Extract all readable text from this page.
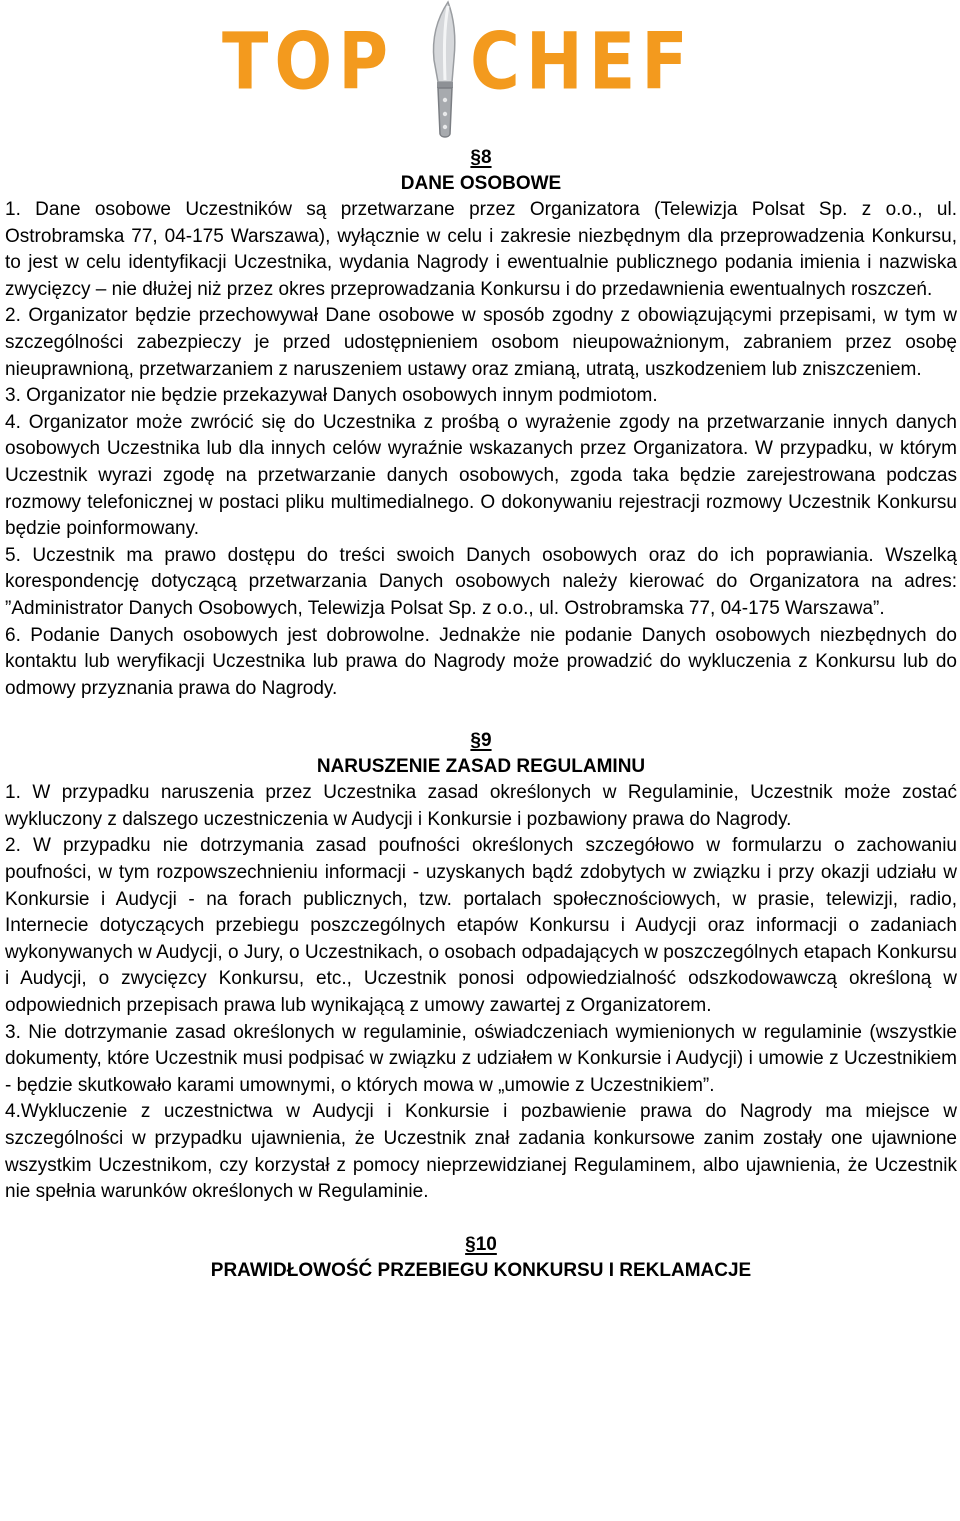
TOP CHEF
§8
DANE OSOBOWE
1. Dane osobowe Uczestników są przetwarzane przez Organizatora (Telewizja Polsat Sp. z o.o., ul. Ostrobramska 77, 04-175 Warszawa), wyłącznie w celu i zakresie niezbędnym dla przeprowadzenia Konkursu, to jest w celu identyfikacji Uczestnika, wydania Nagrody i ewentualnie publicznego podania imienia i nazwiska zwycięzcy – nie dłużej niż przez okres przeprowadzania Konkursu i do przedawnienia ewentualnych roszczeń.
2. Organizator będzie przechowywał Dane osobowe w sposób zgodny z obowiązującymi przepisami, w tym w szczególności zabezpieczy je przed udostępnieniem osobom nieupoważnionym, zabraniem przez osobę nieuprawnioną, przetwarzaniem z naruszeniem ustawy oraz zmianą, utratą, uszkodzeniem lub zniszczeniem.
3. Organizator nie będzie przekazywał Danych osobowych innym podmiotom.
4. Organizator może zwrócić się do Uczestnika z prośbą o wyrażenie zgody na przetwarzanie innych danych osobowych Uczestnika lub dla innych celów wyraźnie wskazanych przez Organizatora. W przypadku, w którym Uczestnik wyrazi zgodę na przetwarzanie danych osobowych, zgoda taka będzie zarejestrowana podczas rozmowy telefonicznej w postaci pliku multimedialnego. O dokonywaniu rejestracji rozmowy Uczestnik Konkursu będzie poinformowany.
5. Uczestnik ma prawo dostępu do treści swoich Danych osobowych oraz do ich poprawiania. Wszelką korespondencję dotyczącą przetwarzania Danych osobowych należy kierować do Organizatora na adres: ”Administrator Danych Osobowych, Telewizja Polsat Sp. z o.o., ul. Ostrobramska 77, 04-175 Warszawa”.
6. Podanie Danych osobowych jest dobrowolne. Jednakże nie podanie Danych osobowych niezbędnych do kontaktu lub weryfikacji Uczestnika lub prawa do Nagrody może prowadzić do wykluczenia z Konkursu lub do odmowy przyznania prawa do Nagrody.
§9
NARUSZENIE ZASAD REGULAMINU
1. W przypadku naruszenia przez Uczestnika zasad określonych w Regulaminie, Uczestnik może zostać wykluczony z dalszego uczestniczenia w Audycji i Konkursie i pozbawiony prawa do Nagrody.
2. W przypadku nie dotrzymania zasad poufności określonych szczegółowo w formularzu o zachowaniu poufności, w tym rozpowszechnieniu informacji - uzyskanych bądź zdobytych w związku i przy okazji udziału w Konkursie i Audycji - na forach publicznych, tzw. portalach społecznościowych, w prasie, telewizji, radio, Internecie dotyczących przebiegu poszczególnych etapów Konkursu i Audycji oraz informacji o zadaniach wykonywanych w Audycji, o Jury, o Uczestnikach, o osobach odpadających w poszczególnych etapach Konkursu i Audycji, o zwycięzcy Konkursu, etc., Uczestnik ponosi odpowiedzialność odszkodowawczą określoną w odpowiednich przepisach prawa lub wynikającą z umowy zawartej z Organizatorem.
3. Nie dotrzymanie zasad określonych w regulaminie, oświadczeniach wymienionych w regulaminie (wszystkie dokumenty, które Uczestnik musi podpisać w związku z udziałem w Konkursie i Audycji) i umowie z Uczestnikiem - będzie skutkowało karami umownymi, o których mowa w „umowie z Uczestnikiem”.
4.Wykluczenie z uczestnictwa w Audycji i Konkursie i pozbawienie prawa do Nagrody ma miejsce w szczególności w przypadku ujawnienia, że Uczestnik znał zadania konkursowe zanim zostały one ujawnione wszystkim Uczestnikom, czy korzystał z pomocy nieprzewidzianej Regulaminem, albo ujawnienia, że Uczestnik nie spełnia warunków określonych w Regulaminie.
§10
PRAWIDŁOWOŚĆ PRZEBIEGU KONKURSU I REKLAMACJE
